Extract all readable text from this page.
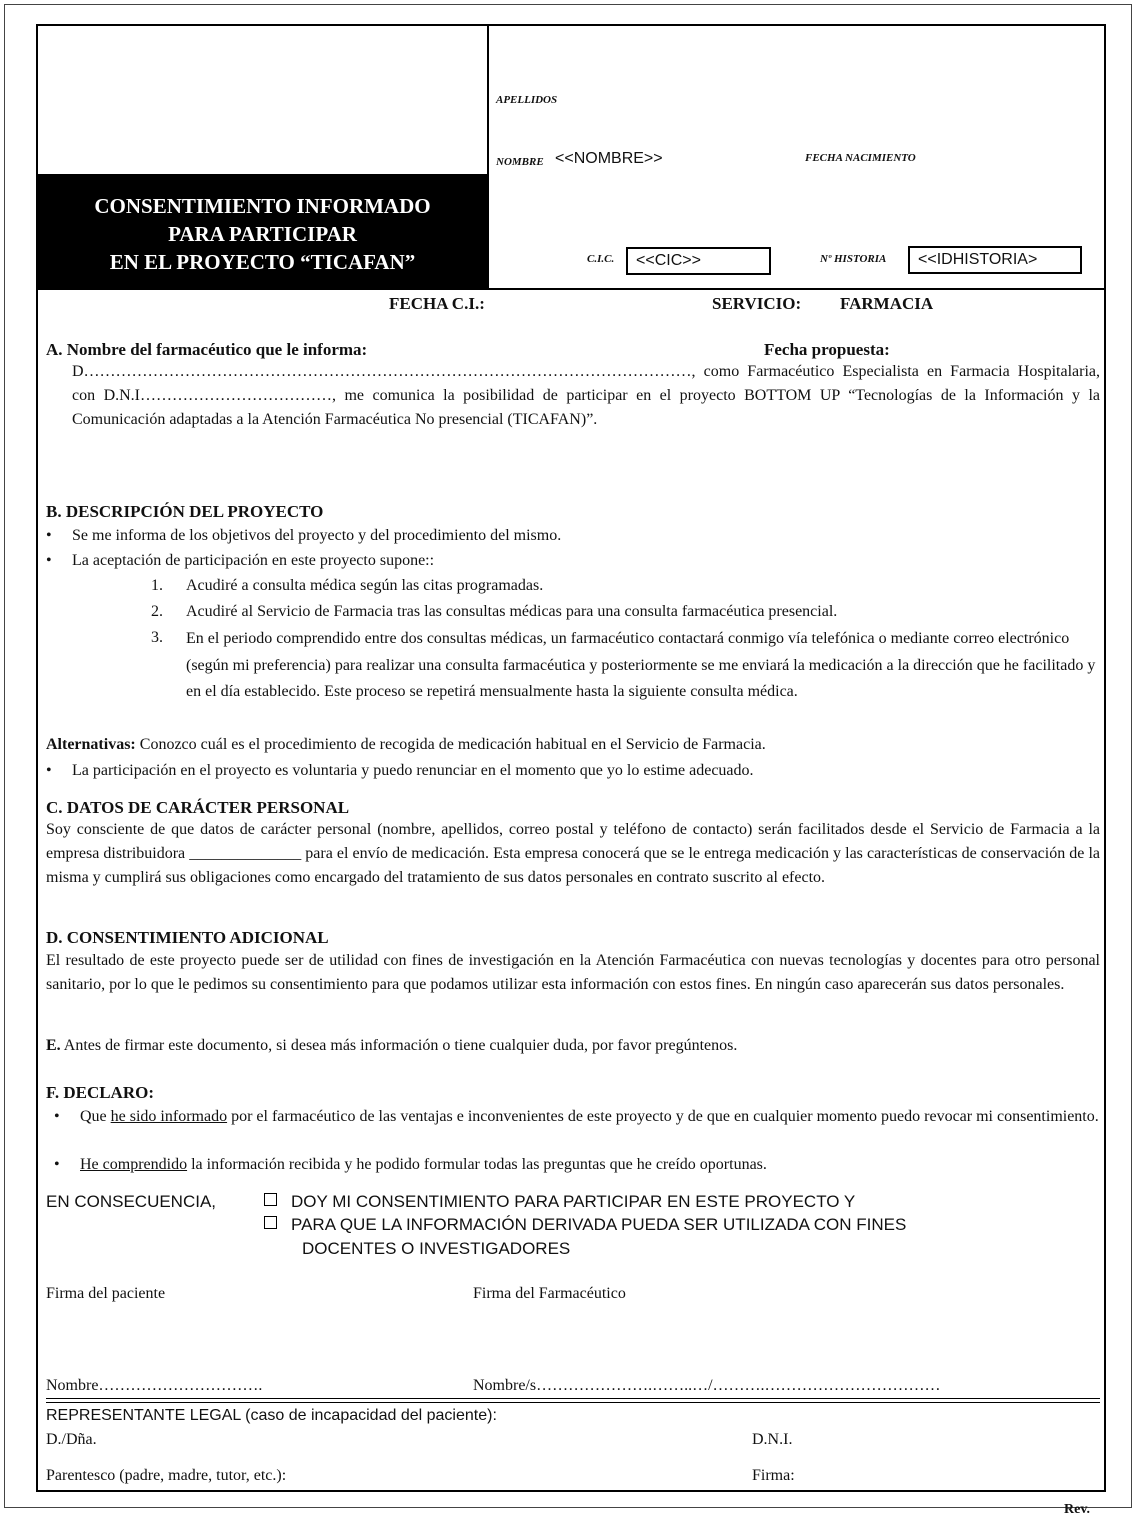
CONSENTIMIENTO INFORMADO
PARA PARTICIPAR
EN EL PROYECTO “TICAFAN”
APELLIDOS
NOMBRE <<NOMBRE>>	FECHA NACIMIENTO
C.I.C.	<<CIC>>	Nº HISTORIA	<<IDHISTORIA>
FECHA C.I.:	SERVICIO: FARMACIA
A. Nombre del farmacéutico que le informa:	Fecha propuesta:
D……………………………………………………………………………………………………, como Farmacéutico Especialista en Farmacia Hospitalaria, con D.N.I………………………………, me comunica la posibilidad de participar en el proyecto BOTTOM UP “Tecnologías de la Información y la Comunicación adaptadas a la Atención Farmacéutica No presencial (TICAFAN)”.
B. DESCRIPCIÓN DEL PROYECTO
• Se me informa de los objetivos del proyecto y del procedimiento del mismo.
• La aceptación de participación en este proyecto supone::
1. Acudiré a consulta médica según las citas programadas.
2. Acudiré al Servicio de Farmacia tras las consultas médicas para una consulta farmacéutica presencial.
3. En el periodo comprendido entre dos consultas médicas, un farmacéutico contactará conmigo vía telefónica o mediante correo electrónico (según mi preferencia) para realizar una consulta farmacéutica y posteriormente se me enviará la medicación a la dirección que he facilitado y en el día establecido. Este proceso se repetirá mensualmente hasta la siguiente consulta médica.
Alternativas: Conozco cuál es el procedimiento de recogida de medicación habitual en el Servicio de Farmacia.
• La participación en el proyecto es voluntaria y puedo renunciar en el momento que yo lo estime adecuado.
C. DATOS DE CARÁCTER PERSONAL
Soy consciente de que datos de carácter personal (nombre, apellidos, correo postal y teléfono de contacto) serán facilitados desde el Servicio de Farmacia a la empresa distribuidora ______________ para el envío de medicación. Esta empresa conocerá que se le entrega medicación y las características de conservación de la misma y cumplirá sus obligaciones como encargado del tratamiento de sus datos personales en contrato suscrito al efecto.
D. CONSENTIMIENTO ADICIONAL
El resultado de este proyecto puede ser de utilidad con fines de investigación en la Atención Farmacéutica con nuevas tecnologías y docentes para otro personal sanitario, por lo que le pedimos su consentimiento para que podamos utilizar esta información con estos fines. En ningún caso aparecerán sus datos personales.
E. Antes de firmar este documento, si desea más información o tiene cualquier duda, por favor pregúntenos.
F. DECLARO:
• Que he sido informado por el farmacéutico de las ventajas e inconvenientes de este proyecto y de que en cualquier momento puedo revocar mi consentimiento.
• He comprendido la información recibida y he podido formular todas las preguntas que he creído oportunas.
EN CONSECUENCIA,	DOY MI CONSENTIMIENTO PARA PARTICIPAR EN ESTE PROYECTO Y
PARA QUE LA INFORMACIÓN DERIVADA PUEDA SER UTILIZADA CON FINES
DOCENTES O INVESTIGADORES
Firma del paciente	Firma del Farmacéutico
Nombre………………………….	Nombre/s………………….……..…/……….……………………………
REPRESENTANTE LEGAL (caso de incapacidad del paciente):
D./Dña.	D.N.I.
Parentesco (padre, madre, tutor, etc.):	Firma:
Rev.
